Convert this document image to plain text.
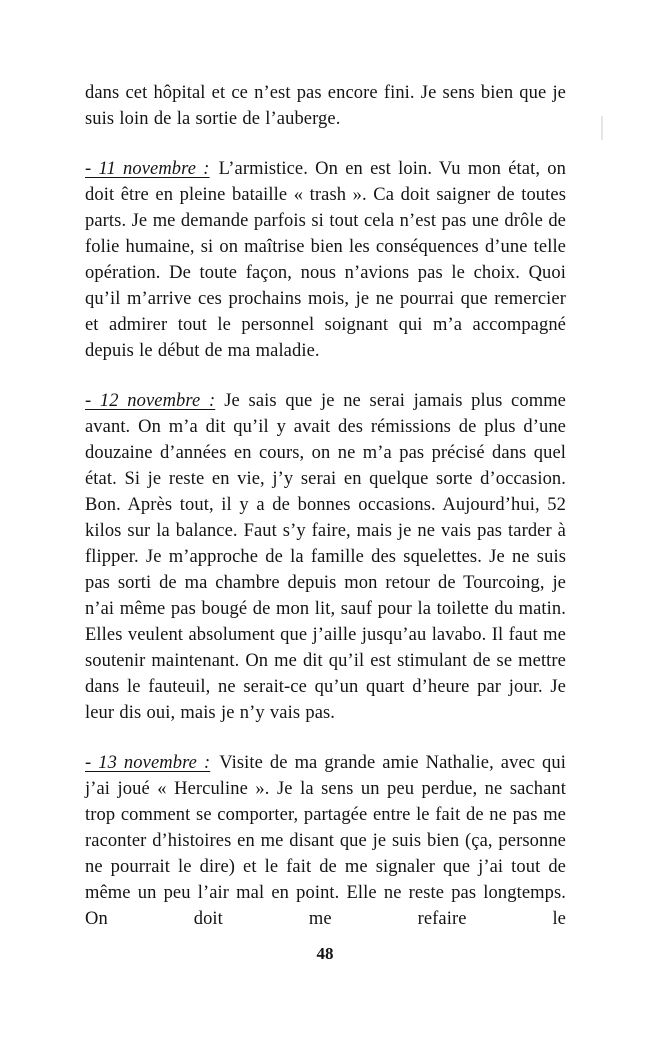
dans cet hôpital et ce n’est pas encore fini. Je sens bien que je suis loin de la sortie de l’auberge.

- 11 novembre : L’armistice. On en est loin. Vu mon état, on doit être en pleine bataille « trash ». Ca doit saigner de toutes parts. Je me demande parfois si tout cela n’est pas une drôle de folie humaine, si on maîtrise bien les conséquences d’une telle opération. De toute façon, nous n’avions pas le choix. Quoi qu’il m’arrive ces prochains mois, je ne pourrai que remercier et admirer tout le personnel soignant qui m’a accompagné depuis le début de ma maladie.

- 12 novembre : Je sais que je ne serai jamais plus comme avant. On m’a dit qu’il y avait des rémissions de plus d’une douzaine d’années en cours, on ne m’a pas précisé dans quel état. Si je reste en vie, j’y serai en quelque sorte d’occasion. Bon. Après tout, il y a de bonnes occasions. Aujourd’hui, 52 kilos sur la balance. Faut s’y faire, mais je ne vais pas tarder à flipper. Je m’approche de la famille des squelettes. Je ne suis pas sorti de ma chambre depuis mon retour de Tourcoing, je n’ai même pas bougé de mon lit, sauf pour la toilette du matin. Elles veulent absolument que j’aille jusqu’au lavabo. Il faut me soutenir maintenant. On me dit qu’il est stimulant de se mettre dans le fauteuil, ne serait-ce qu’un quart d’heure par jour. Je leur dis oui, mais je n’y vais pas.

- 13 novembre : Visite de ma grande amie Nathalie, avec qui j’ai joué « Herculine ». Je la sens un peu perdue, ne sachant trop comment se comporter, partagée entre le fait de ne pas me raconter d’histoires en me disant que je suis bien (ça, personne ne pourrait le dire) et le fait de me signaler que j’ai tout de même un peu l’air mal en point. Elle ne reste pas longtemps. On doit me refaire le

48
